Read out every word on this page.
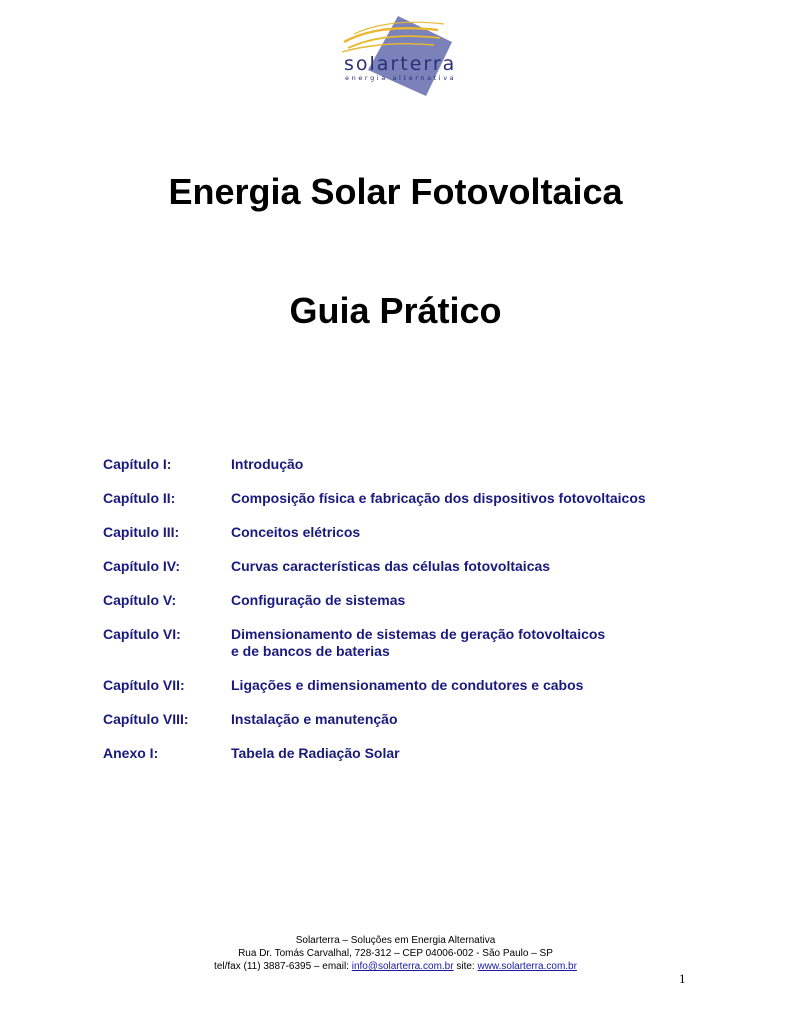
solarterra
energia alternativa
Energia Solar Fotovoltaica
Guia Prático
Capítulo I:	Introdução
Capítulo II:	Composição física e fabricação dos dispositivos fotovoltaicos
Capitulo III:	Conceitos elétricos
Capítulo IV:	Curvas características das células fotovoltaicas
Capítulo V:	Configuração de sistemas
Capítulo VI:	Dimensionamento de sistemas de geração fotovoltaicos
e de bancos de baterias
Capítulo VII:	Ligações e dimensionamento de condutores e cabos
Capítulo VIII:	Instalação e manutenção
Anexo I:	Tabela de Radiação Solar
Solarterra – Soluções em Energia Alternativa
Rua Dr. Tomás Carvalhal, 728-312 – CEP 04006-002 - São Paulo – SP
tel/fax (11) 3887-6395 – email: info@solarterra.com.br site: www.solarterra.com.br
1
